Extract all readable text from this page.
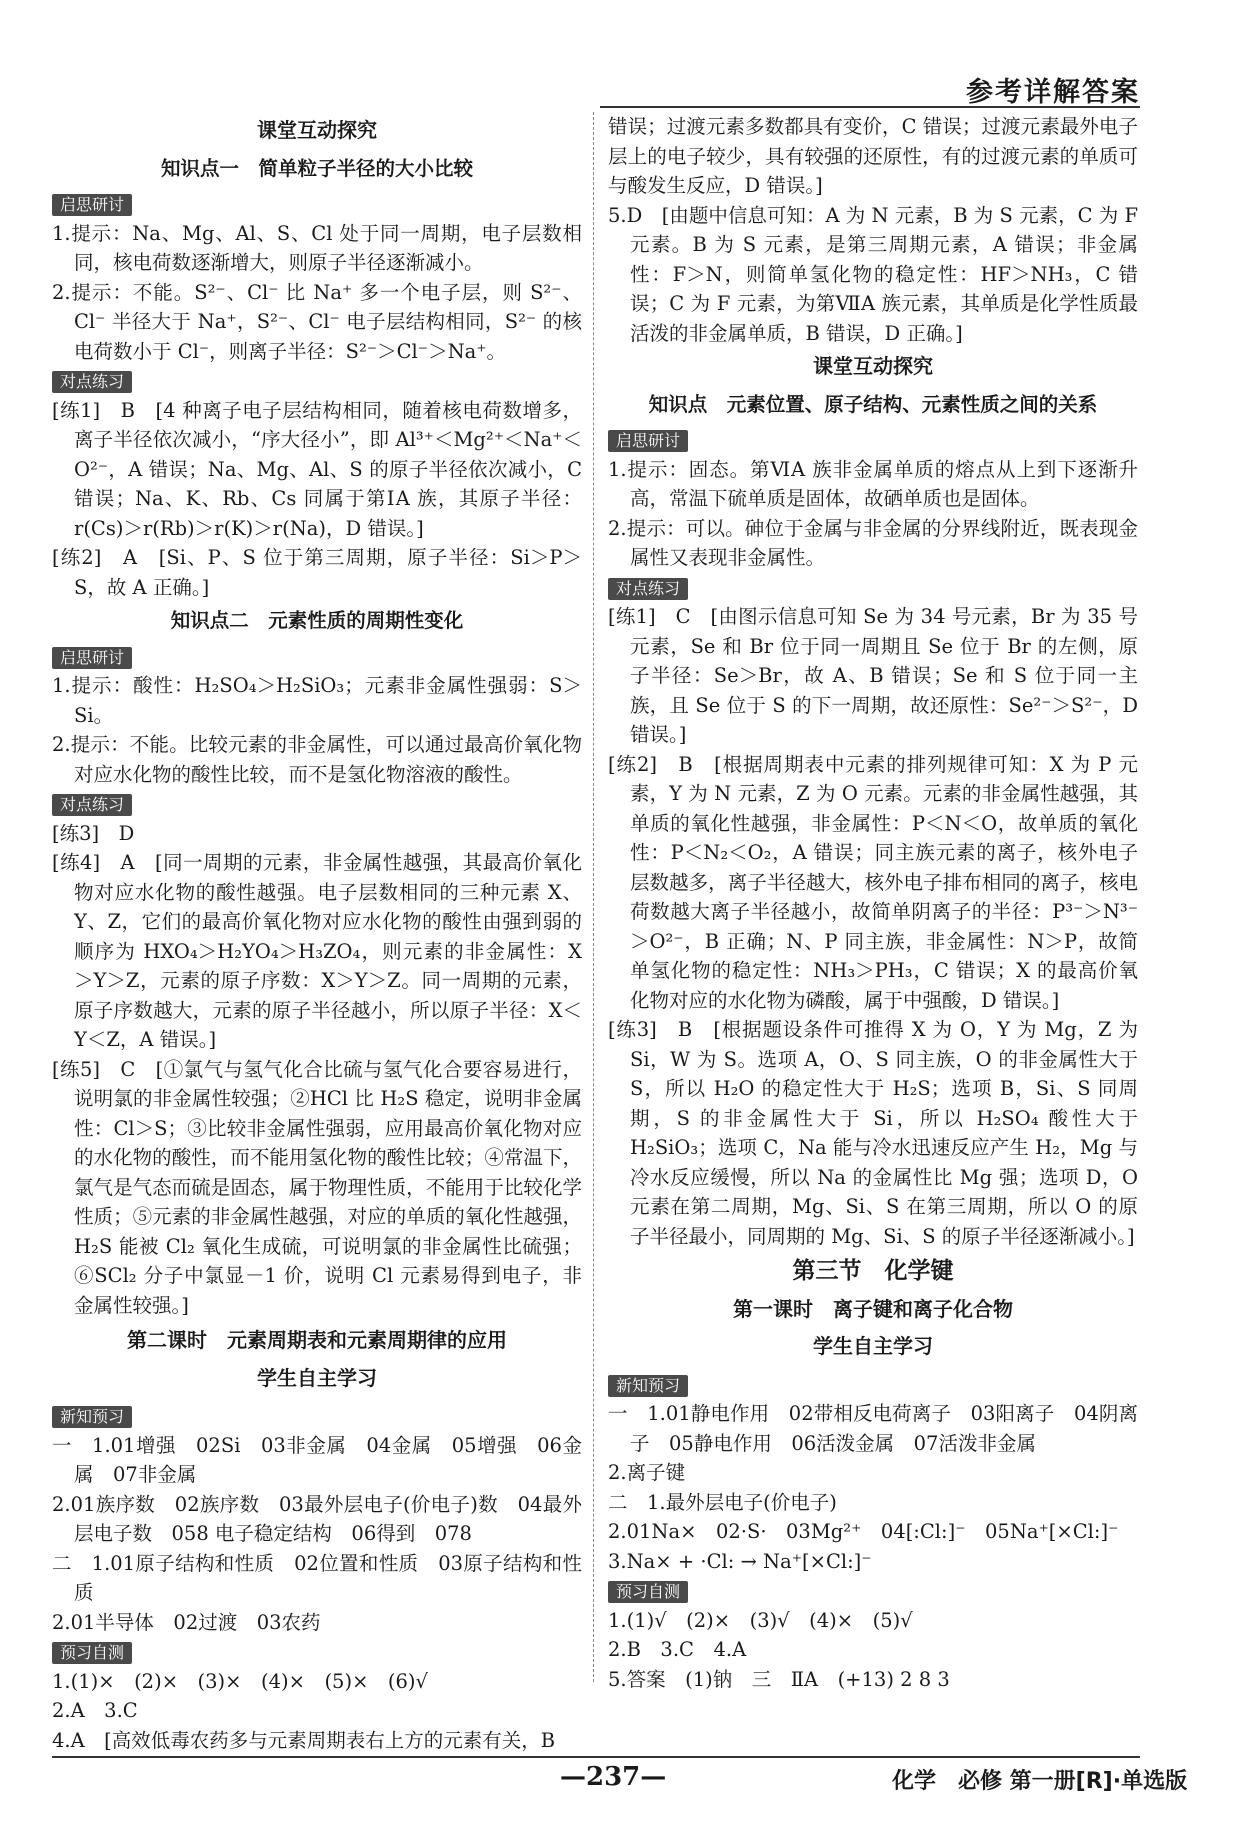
参考详解答案
课堂互动探究
知识点一　简单粒子半径的大小比较
启思研讨

1.提示：Na、Mg、Al、S、Cl 处于同一周期，电子层数相同，核电荷数逐渐增大，则原子半径逐渐减小。

2.提示：不能。S²⁻、Cl⁻ 比 Na⁺ 多一个电子层，则 S²⁻、Cl⁻ 半径大于 Na⁺，S²⁻、Cl⁻ 电子层结构相同，S²⁻ 的核电荷数小于 Cl⁻，则离子半径：S²⁻＞Cl⁻＞Na⁺。

对点练习

[练1]　B　[4 种离子电子层结构相同，随着核电荷数增多，离子半径依次减小，“序大径小”，即 Al³⁺＜Mg²⁺＜Na⁺＜O²⁻，A 错误；Na、Mg、Al、S 的原子半径依次减小，C 错误；Na、K、Rb、Cs 同属于第ⅠA 族，其原子半径：r(Cs)＞r(Rb)＞r(K)＞r(Na)，D 错误。]

[练2]　A　[Si、P、S 位于第三周期，原子半径：Si＞P＞S，故 A 正确。]

知识点二　元素性质的周期性变化
启思研讨

1.提示：酸性：H₂SO₄＞H₂SiO₃；元素非金属性强弱：S＞Si。

2.提示：不能。比较元素的非金属性，可以通过最高价氧化物对应水化物的酸性比较，而不是氢化物溶液的酸性。

对点练习

[练3]　D

[练4]　A　[同一周期的元素，非金属性越强，其最高价氧化物对应水化物的酸性越强。电子层数相同的三种元素 X、Y、Z，它们的最高价氧化物对应水化物的酸性由强到弱的顺序为 HXO₄＞H₂YO₄＞H₃ZO₄，则元素的非金属性：X＞Y＞Z，元素的原子序数：X＞Y＞Z。同一周期的元素，原子序数越大，元素的原子半径越小，所以原子半径：X＜Y＜Z，A 错误。]

[练5]　C　[①氯气与氢气化合比硫与氢气化合要容易进行，说明氯的非金属性较强；②HCl 比 H₂S 稳定，说明非金属性：Cl＞S；③比较非金属性强弱，应用最高价氧化物对应的水化物的酸性，而不能用氢化物的酸性比较；④常温下，氯气是气态而硫是固态，属于物理性质，不能用于比较化学性质；⑤元素的非金属性越强，对应的单质的氧化性越强，H₂S 能被 Cl₂ 氧化生成硫，可说明氯的非金属性比硫强；⑥SCl₂ 分子中氯显－1 价，说明 Cl 元素易得到电子，非金属性较强。]

第二课时　元素周期表和元素周期律的应用
学生自主学习
新知预习

一　1.01增强　02Si　03非金属　04金属　05增强　06金属　07非金属

2.01族序数　02族序数　03最外层电子(价电子)数　04最外层电子数　058 电子稳定结构　06得到　078

二　1.01原子结构和性质　02位置和性质　03原子结构和性质

2.01半导体　02过渡　03农药

预习自测

1.(1)×　(2)×　(3)×　(4)×　(5)×　(6)√

2.A　3.C

4.A　[高效低毒农药多与元素周期表右上方的元素有关，B

错误；过渡元素多数都具有变价，C 错误；过渡元素最外电子层上的电子较少，具有较强的还原性，有的过渡元素的单质可与酸发生反应，D 错误。]

5.D　[由题中信息可知：A 为 N 元素，B 为 S 元素，C 为 F 元素。B 为 S 元素，是第三周期元素，A 错误；非金属性：F＞N，则简单氢化物的稳定性：HF＞NH₃，C 错误；C 为 F 元素，为第ⅦA 族元素，其单质是化学性质最活泼的非金属单质，B 错误，D 正确。]

课堂互动探究
知识点　元素位置、原子结构、元素性质之间的关系
启思研讨

1.提示：固态。第ⅥA 族非金属单质的熔点从上到下逐渐升高，常温下硫单质是固体，故硒单质也是固体。

2.提示：可以。砷位于金属与非金属的分界线附近，既表现金属性又表现非金属性。

对点练习

[练1]　C　[由图示信息可知 Se 为 34 号元素，Br 为 35 号元素，Se 和 Br 位于同一周期且 Se 位于 Br 的左侧，原子半径：Se＞Br，故 A、B 错误；Se 和 S 位于同一主族，且 Se 位于 S 的下一周期，故还原性：Se²⁻＞S²⁻，D 错误。]

[练2]　B　[根据周期表中元素的排列规律可知：X 为 P 元素，Y 为 N 元素，Z 为 O 元素。元素的非金属性越强，其单质的氧化性越强，非金属性：P＜N＜O，故单质的氧化性：P＜N₂＜O₂，A 错误；同主族元素的离子，核外电子层数越多，离子半径越大，核外电子排布相同的离子，核电荷数越大离子半径越小，故简单阴离子的半径：P³⁻＞N³⁻＞O²⁻，B 正确；N、P 同主族，非金属性：N＞P，故简单氢化物的稳定性：NH₃＞PH₃，C 错误；X 的最高价氧化物对应的水化物为磷酸，属于中强酸，D 错误。]

[练3]　B　[根据题设条件可推得 X 为 O，Y 为 Mg，Z 为 Si，W 为 S。选项 A，O、S 同主族，O 的非金属性大于 S，所以 H₂O 的稳定性大于 H₂S；选项 B，Si、S 同周期，S 的非金属性大于 Si，所以 H₂SO₄ 酸性大于 H₂SiO₃；选项 C，Na 能与冷水迅速反应产生 H₂，Mg 与冷水反应缓慢，所以 Na 的金属性比 Mg 强；选项 D，O 元素在第二周期，Mg、Si、S 在第三周期，所以 O 的原子半径最小，同周期的 Mg、Si、S 的原子半径逐渐减小。]

第三节　化学键
第一课时　离子键和离子化合物
学生自主学习
新知预习

一　1.01静电作用　02带相反电荷离子　03阳离子　04阴离子　05静电作用　06活泼金属　07活泼非金属

2.离子键

二　1.最外层电子(价电子)

2.01Na×　02·S·　03Mg²⁺　04[:Cl:]⁻　05Na⁺[×Cl:]⁻

3.Na× + ·Cl: → Na⁺[×Cl:]⁻

预习自测

1.(1)√　(2)×　(3)√　(4)×　(5)√

2.B　3.C　4.A

5.答案　(1)钠　三　ⅡA　(+13) 2 8 3

—237—	化学　必修 第一册[R]·单选版
